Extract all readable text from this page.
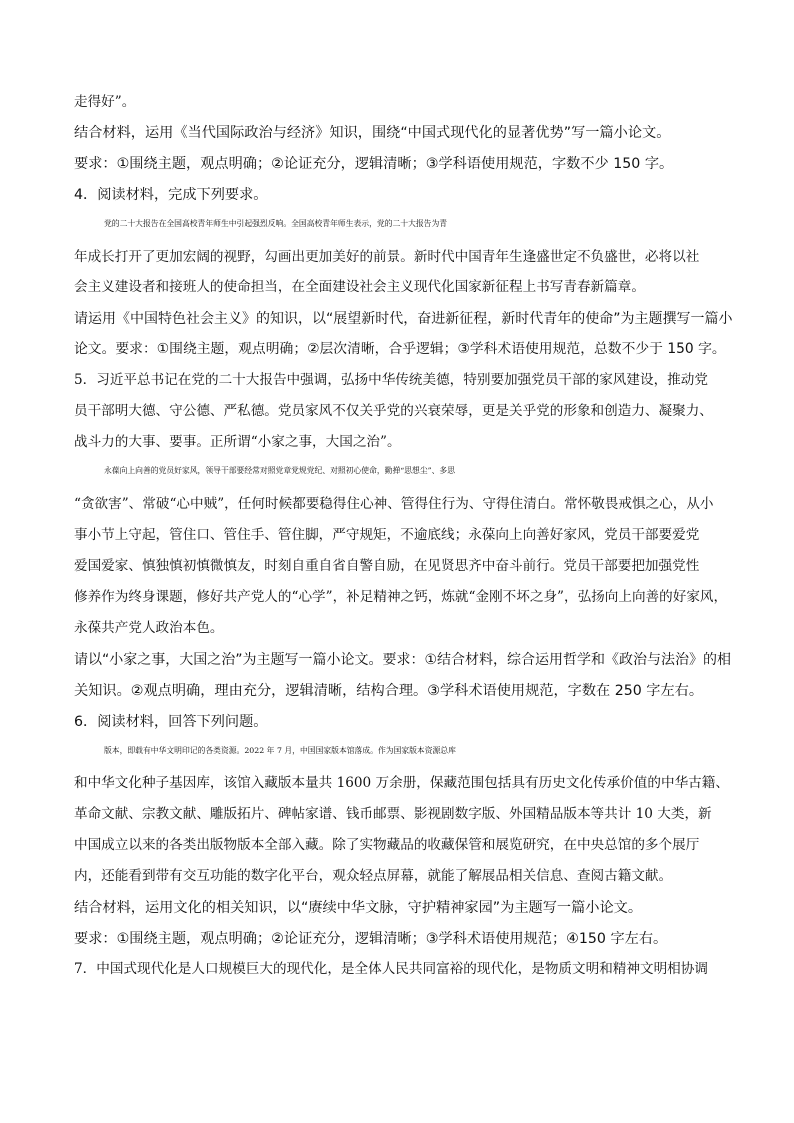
走得好”。
结合材料，运用《当代国际政治与经济》知识，围绕“中国式现代化的显著优势”写一篇小论文。
要求：①围绕主题，观点明确；②论证充分，逻辑清晰；③学科语使用规范，字数不少 150 字。
4．阅读材料，完成下列要求。
党的二十大报告在全国高校青年师生中引起强烈反响。全国高校青年师生表示，党的二十大报告为青
年成长打开了更加宏阔的视野，勾画出更加美好的前景。新时代中国青年生逢盛世定不负盛世，必将以社
会主义建设者和接班人的使命担当，在全面建设社会主义现代化国家新征程上书写青春新篇章。
请运用《中国特色社会主义》的知识，以“展望新时代，奋进新征程，新时代青年的使命”为主题撰写一篇小
论文。要求：①围绕主题，观点明确；②层次清晰，合乎逻辑；③学科术语使用规范，总数不少于 150 字。
5．习近平总书记在党的二十大报告中强调，弘扬中华传统美德，特别要加强党员干部的家风建设，推动党
员干部明大德、守公德、严私德。党员家风不仅关乎党的兴衰荣辱，更是关乎党的形象和创造力、凝聚力、
战斗力的大事、要事。正所谓“小家之事，大国之治”。
永葆向上向善的党员好家风，领导干部要经常对照党章党规党纪、对照初心使命，勤掸“思想尘”、多思
“贪欲害”、常破“心中贼”，任何时候都要稳得住心神、管得住行为、守得住清白。常怀敬畏戒惧之心，从小
事小节上守起，管住口、管住手、管住脚，严守规矩，不逾底线；永葆向上向善好家风，党员干部要爱党
爱国爱家、慎独慎初慎微慎友，时刻自重自省自警自励，在见贤思齐中奋斗前行。党员干部要把加强党性
修养作为终身课题，修好共产党人的“心学”，补足精神之钙，炼就“金刚不坏之身”，弘扬向上向善的好家风，
永葆共产党人政治本色。
请以“小家之事，大国之治”为主题写一篇小论文。要求：①结合材料，综合运用哲学和《政治与法治》的相
关知识。②观点明确，理由充分，逻辑清晰，结构合理。③学科术语使用规范，字数在 250 字左右。
6．阅读材料，回答下列问题。
版本，即载有中华文明印记的各类资源。2022 年 7 月，中国国家版本馆落成。作为国家版本资源总库
和中华文化种子基因库，该馆入藏版本量共 1600 万余册，保藏范围包括具有历史文化传承价值的中华古籍、
革命文献、宗教文献、雕版拓片、碑帖家谱、钱币邮票、影视剧数字版、外国精品版本等共计 10 大类，新
中国成立以来的各类出版物版本全部入藏。除了实物藏品的收藏保管和展览研究，在中央总馆的多个展厅
内，还能看到带有交互功能的数字化平台，观众轻点屏幕，就能了解展品相关信息、查阅古籍文献。
结合材料，运用文化的相关知识，以“赓续中华文脉，守护精神家园”为主题写一篇小论文。
要求：①围绕主题，观点明确；②论证充分，逻辑清晰；③学科术语使用规范；④150 字左右。
7．中国式现代化是人口规模巨大的现代化，是全体人民共同富裕的现代化，是物质文明和精神文明相协调
